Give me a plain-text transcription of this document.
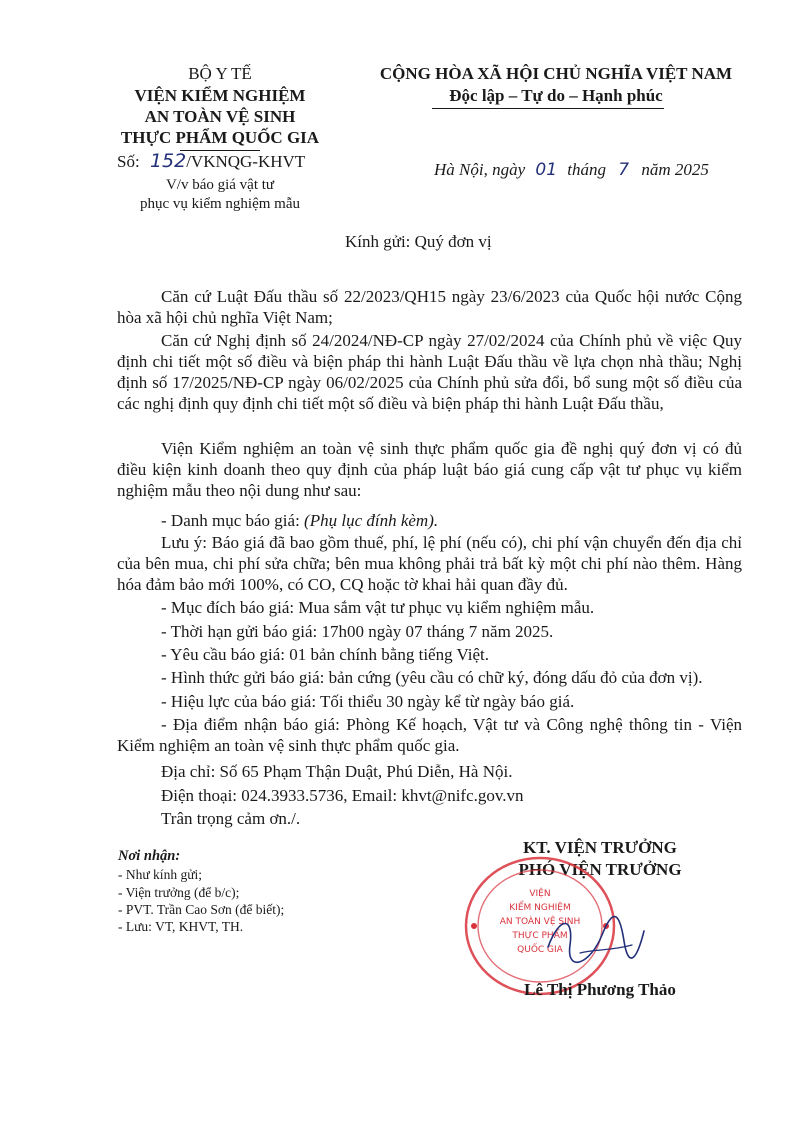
BỘ Y TẾ
VIỆN KIỂM NGHIỆM
AN TOÀN VỆ SINH
THỰC PHẨM QUỐC GIA
Số: 152/VKNQG-KHVT
V/v báo giá vật tư
phục vụ kiểm nghiệm mẫu
CỘNG HÒA XÃ HỘI CHỦ NGHĨA VIỆT NAM
Độc lập – Tự do – Hạnh phúc
Hà Nội, ngày 01 tháng 7 năm 2025
Kính gửi: Quý đơn vị
Căn cứ Luật Đấu thầu số 22/2023/QH15 ngày 23/6/2023 của Quốc hội nước Cộng hòa xã hội chủ nghĩa Việt Nam;
Căn cứ Nghị định số 24/2024/NĐ-CP ngày 27/02/2024 của Chính phủ về việc Quy định chi tiết một số điều và biện pháp thi hành Luật Đấu thầu về lựa chọn nhà thầu; Nghị định số 17/2025/NĐ-CP ngày 06/02/2025 của Chính phủ sửa đổi, bổ sung một số điều của các nghị định quy định chi tiết một số điều và biện pháp thi hành Luật Đấu thầu,
Viện Kiểm nghiệm an toàn vệ sinh thực phẩm quốc gia đề nghị quý đơn vị có đủ điều kiện kinh doanh theo quy định của pháp luật báo giá cung cấp vật tư phục vụ kiểm nghiệm mẫu theo nội dung như sau:
- Danh mục báo giá: (Phụ lục đính kèm).
Lưu ý: Báo giá đã bao gồm thuế, phí, lệ phí (nếu có), chi phí vận chuyển đến địa chỉ của bên mua, chi phí sửa chữa; bên mua không phải trả bất kỳ một chi phí nào thêm. Hàng hóa đảm bảo mới 100%, có CO, CQ hoặc tờ khai hải quan đầy đủ.
- Mục đích báo giá: Mua sắm vật tư phục vụ kiểm nghiệm mẫu.
- Thời hạn gửi báo giá: 17h00 ngày 07 tháng 7 năm 2025.
- Yêu cầu báo giá: 01 bản chính bằng tiếng Việt.
- Hình thức gửi báo giá: bản cứng (yêu cầu có chữ ký, đóng dấu đỏ của đơn vị).
- Hiệu lực của báo giá: Tối thiểu 30 ngày kể từ ngày báo giá.
- Địa điểm nhận báo giá: Phòng Kế hoạch, Vật tư và Công nghệ thông tin - Viện Kiểm nghiệm an toàn vệ sinh thực phẩm quốc gia.
Địa chỉ: Số 65 Phạm Thận Duật, Phú Diễn, Hà Nội.
Điện thoại: 024.3933.5736, Email: khvt@nifc.gov.vn
Trân trọng cảm ơn./.
Nơi nhận:
- Như kính gửi;
- Viện trưởng (để b/c);
- PVT. Trần Cao Sơn (để biết);
- Lưu: VT, KHVT, TH.
KT. VIỆN TRƯỞNG
PHÓ VIỆN TRƯỞNG
VIỆN
KIỂM NGHIỆM
AN TOÀN VỆ SINH
THỰC PHẨM
QUỐC GIA
Lê Thị Phương Thảo
